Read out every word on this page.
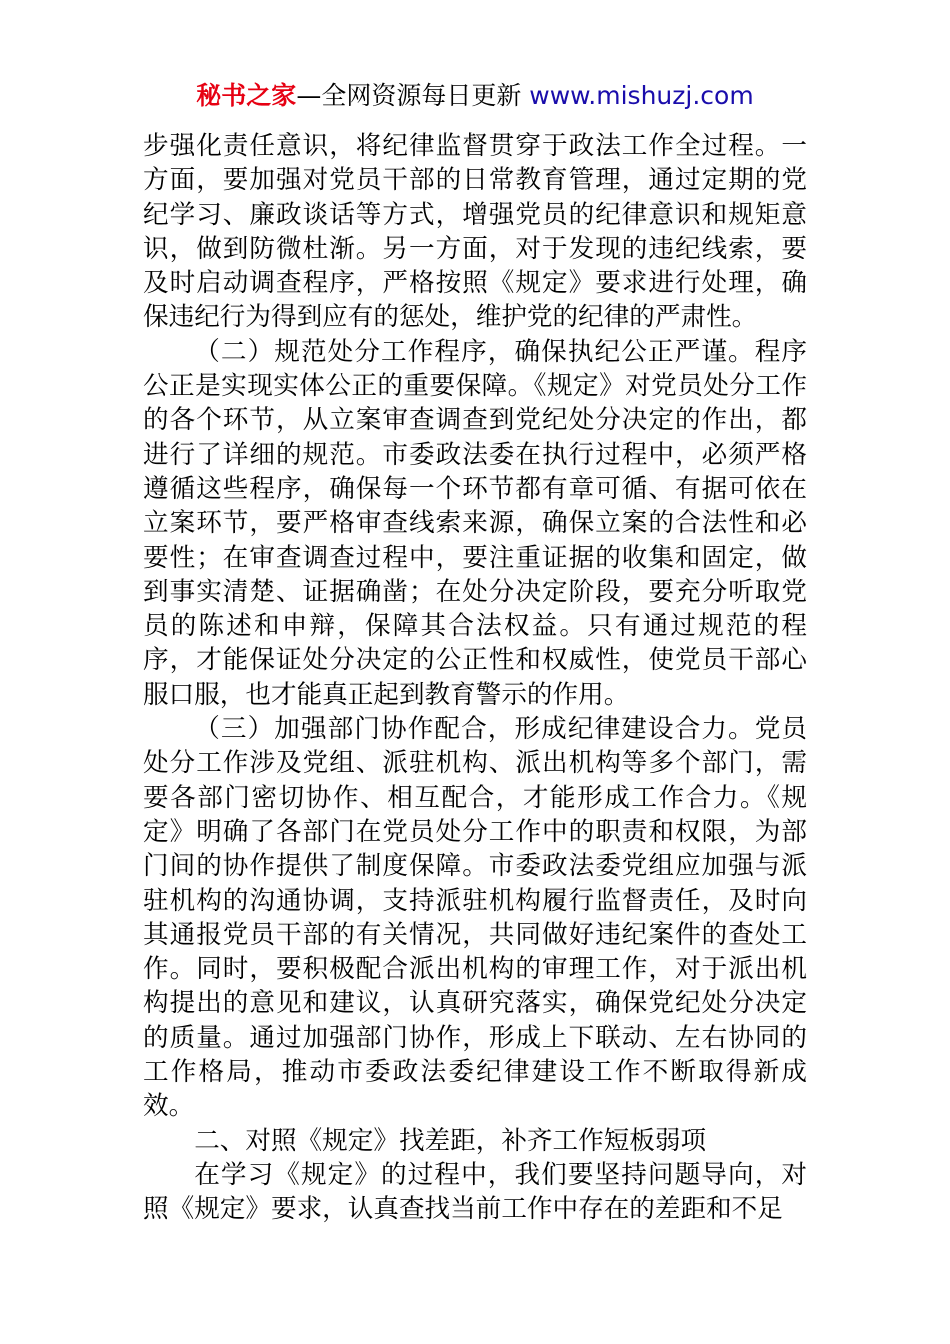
秘书之家—全网资源每日更新 www.mishuzj.com

步强化责任意识，将纪律监督贯穿于政法工作全过程。一方面，要加强对党员干部的日常教育管理，通过定期的党纪学习、廉政谈话等方式，增强党员的纪律意识和规矩意识，做到防微杜渐。另一方面，对于发现的违纪线索，要及时启动调查程序，严格按照《规定》要求进行处理，确保违纪行为得到应有的惩处，维护党的纪律的严肃性。

（二）规范处分工作程序，确保执纪公正严谨。程序公正是实现实体公正的重要保障。《规定》对党员处分工作的各个环节，从立案审查调查到党纪处分决定的作出，都进行了详细的规范。市委政法委在执行过程中，必须严格遵循这些程序，确保每一个环节都有章可循、有据可依在立案环节，要严格审查线索来源，确保立案的合法性和必要性；在审查调查过程中，要注重证据的收集和固定，做到事实清楚、证据确凿；在处分决定阶段，要充分听取党员的陈述和申辩，保障其合法权益。只有通过规范的程序，才能保证处分决定的公正性和权威性，使党员干部心服口服，也才能真正起到教育警示的作用。

（三）加强部门协作配合，形成纪律建设合力。党员处分工作涉及党组、派驻机构、派出机构等多个部门，需要各部门密切协作、相互配合，才能形成工作合力。《规定》明确了各部门在党员处分工作中的职责和权限，为部门间的协作提供了制度保障。市委政法委党组应加强与派驻机构的沟通协调，支持派驻机构履行监督责任，及时向其通报党员干部的有关情况，共同做好违纪案件的查处工作。同时，要积极配合派出机构的审理工作，对于派出机构提出的意见和建议，认真研究落实，确保党纪处分决定的质量。通过加强部门协作，形成上下联动、左右协同的工作格局，推动市委政法委纪律建设工作不断取得新成效。

二、对照《规定》找差距，补齐工作短板弱项

在学习《规定》的过程中，我们要坚持问题导向，对照《规定》要求，认真查找当前工作中存在的差距和不足
